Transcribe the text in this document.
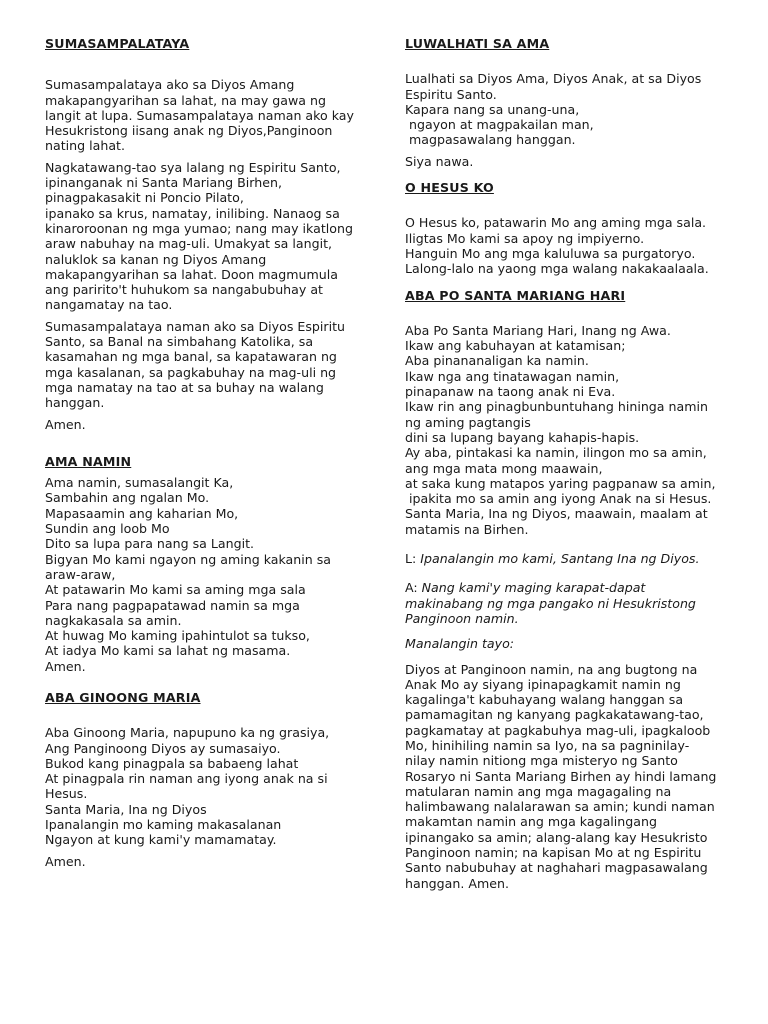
SUMASAMPALATAYA

Sumasampalataya ako sa Diyos Amang
makapangyarihan sa lahat, na may gawa ng
langit at lupa. Sumasampalataya naman ako kay
Hesukristong iisang anak ng Diyos,Panginoon
nating lahat.

Nagkatawang-tao sya lalang ng Espiritu Santo,
ipinanganak ni Santa Mariang Birhen,
pinagpakasakit ni Poncio Pilato,
ipanako sa krus, namatay, inilibing. Nanaog sa
kinaroroonan ng mga yumao; nang may ikatlong
araw nabuhay na mag-uli. Umakyat sa langit,
naluklok sa kanan ng Diyos Amang
makapangyarihan sa lahat. Doon magmumula
ang paririto't huhukom sa nangabubuhay at
nangamatay na tao.

Sumasampalataya naman ako sa Diyos Espiritu
Santo, sa Banal na simbahang Katolika, sa
kasamahan ng mga banal, sa kapatawaran ng
mga kasalanan, sa pagkabuhay na mag-uli ng
mga namatay na tao at sa buhay na walang
hanggan.

Amen.

AMA NAMIN

Ama namin, sumasalangit Ka,
Sambahin ang ngalan Mo.
Mapasaamin ang kaharian Mo,
Sundin ang loob Mo
Dito sa lupa para nang sa Langit.
Bigyan Mo kami ngayon ng aming kakanin sa
araw-araw,
At patawarin Mo kami sa aming mga sala
Para nang pagpapatawad namin sa mga
nagkakasala sa amin.
At huwag Mo kaming ipahintulot sa tukso,
At iadya Mo kami sa lahat ng masama.
Amen.

ABA GINOONG MARIA

Aba Ginoong Maria, napupuno ka ng grasiya,
Ang Panginoong Diyos ay sumasaiyo.
Bukod kang pinagpala sa babaeng lahat
At pinagpala rin naman ang iyong anak na si
Hesus.
Santa Maria, Ina ng Diyos
Ipanalangin mo kaming makasalanan
Ngayon at kung kami'y mamamatay.

Amen.

LUWALHATI SA AMA

Lualhati sa Diyos Ama, Diyos Anak, at sa Diyos
Espiritu Santo.
Kapara nang sa unang-una,
ngayon at magpakailan man,
magpasawalang hanggan.

Siya nawa.

O HESUS KO

O Hesus ko, patawarin Mo ang aming mga sala.
Iligtas Mo kami sa apoy ng impiyerno.
Hanguin Mo ang mga kaluluwa sa purgatoryo.
Lalong-lalo na yaong mga walang nakakaalaala.

ABA PO SANTA MARIANG HARI

Aba Po Santa Mariang Hari, Inang ng Awa.
Ikaw ang kabuhayan at katamisan;
Aba pinananaligan ka namin.
Ikaw nga ang tinatawagan namin,
pinapanaw na taong anak ni Eva.
Ikaw rin ang pinagbunbuntuhang hininga namin
ng aming pagtangis
dini sa lupang bayang kahapis-hapis.
Ay aba, pintakasi ka namin, ilingon mo sa amin,
ang mga mata mong maawain,
at saka kung matapos yaring pagpanaw sa amin,
ipakita mo sa amin ang iyong Anak na si Hesus.
Santa Maria, Ina ng Diyos, maawain, maalam at
matamis na Birhen.

L: Ipanalangin mo kami, Santang Ina ng Diyos.

A: Nang kami'y maging karapat-dapat
makinabang ng mga pangako ni Hesukristong
Panginoon namin.

Manalangin tayo:

Diyos at Panginoon namin, na ang bugtong na
Anak Mo ay siyang ipinapagkamit namin ng
kagalinga't kabuhayang walang hanggan sa
pamamagitan ng kanyang pagkakatawang-tao,
pagkamatay at pagkabuhya mag-uli, ipagkaloob
Mo, hinihiling namin sa Iyo, na sa pagninilay-
nilay namin nitiong mga misteryo ng Santo
Rosaryo ni Santa Mariang Birhen ay hindi lamang
matularan namin ang mga magagaling na
halimbawang nalalarawan sa amin; kundi naman
makamtan namin ang mga kagalingang
ipinangako sa amin; alang-alang kay Hesukristo
Panginoon namin; na kapisan Mo at ng Espiritu
Santo nabubuhay at naghahari magpasawalang
hanggan. Amen.
